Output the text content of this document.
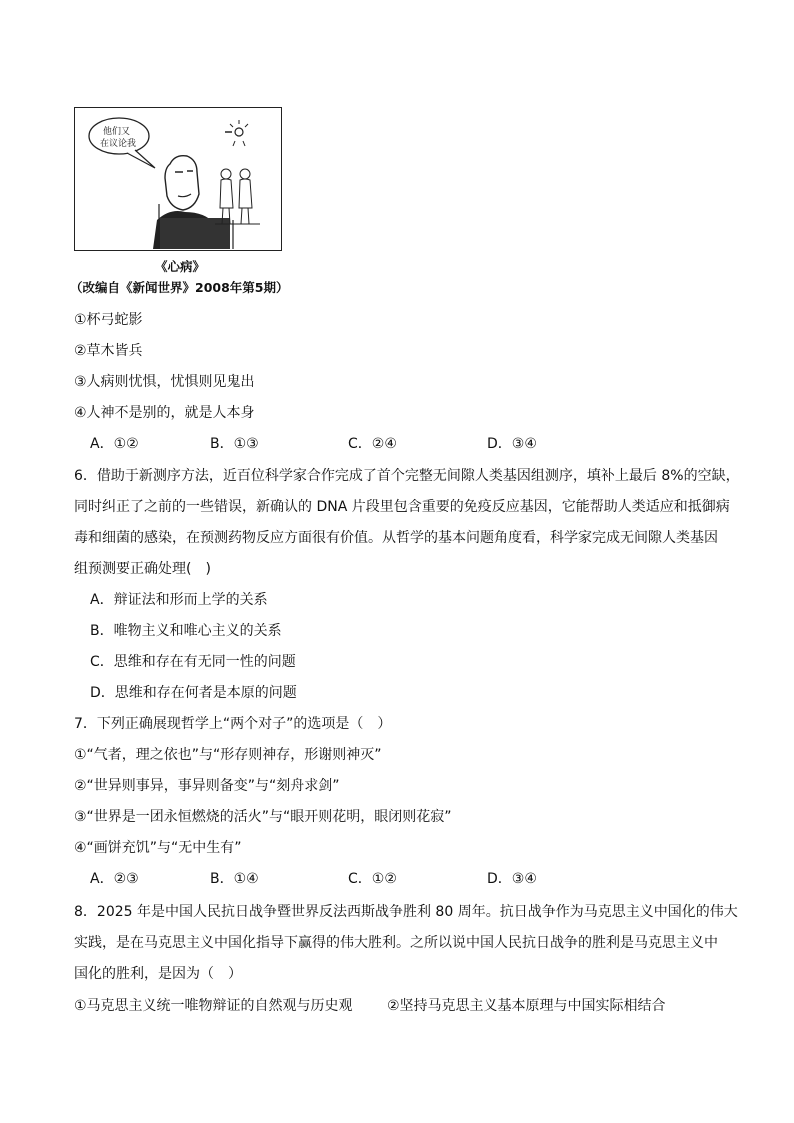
他们又
在议论我
《心病》
（改编自《新闻世界》2008年第5期）
①杯弓蛇影
②草木皆兵
③人病则忧惧，忧惧则见鬼出
④人神不是别的，就是人本身
A．①②	B．①③	C．②④	D．③④
6．借助于新测序方法，近百位科学家合作完成了首个完整无间隙人类基因组测序，填补上最后 8%的空缺，
同时纠正了之前的一些错误，新确认的 DNA 片段里包含重要的免疫反应基因，它能帮助人类适应和抵御病
毒和细菌的感染，在预测药物反应方面很有价值。从哲学的基本问题角度看，科学家完成无间隙人类基因
组预测要正确处理(　)
A．辩证法和形而上学的关系
B．唯物主义和唯心主义的关系
C．思维和存在有无同一性的问题
D．思维和存在何者是本原的问题
7．下列正确展现哲学上“两个对子”的选项是（　）
①“气者，理之依也”与“形存则神存，形谢则神灭”
②“世异则事异，事异则备变”与“刻舟求剑”
③“世界是一团永恒燃烧的活火”与“眼开则花明，眼闭则花寂”
④“画饼充饥”与“无中生有”
A．②③	B．①④	C．①②	D．③④
8．2025 年是中国人民抗日战争暨世界反法西斯战争胜利 80 周年。抗日战争作为马克思主义中国化的伟大
实践，是在马克思主义中国化指导下赢得的伟大胜利。之所以说中国人民抗日战争的胜利是马克思主义中
国化的胜利，是因为（　）
①马克思主义统一唯物辩证的自然观与历史观 ②坚持马克思主义基本原理与中国实际相结合
